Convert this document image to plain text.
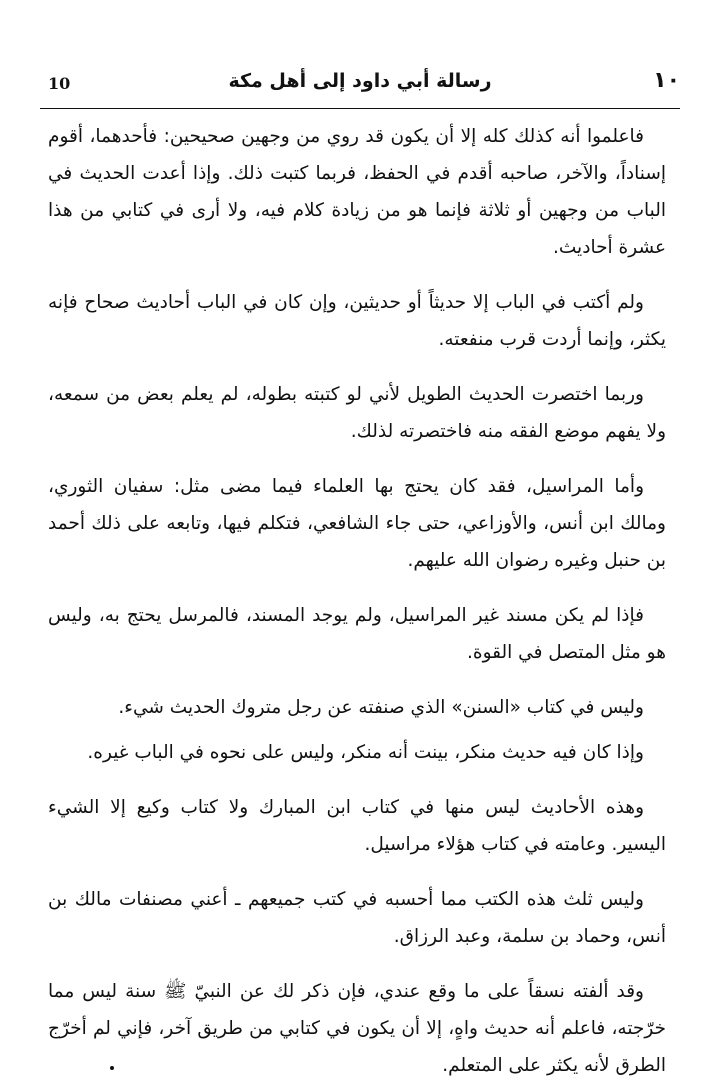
١٠
رسالة أبي داود إلى أهل مكة
10

فاعلموا أنه كذلك كله إلا أن يكون قد روي من وجهين صحيحين: فأحدهما، أقوم إسناداً، والآخر، صاحبه أقدم في الحفظ، فربما كتبت ذلك. وإذا أعدت الحديث في الباب من وجهين أو ثلاثة فإنما هو من زيادة كلام فيه، ولا أرى في كتابي من هذا عشرة أحاديث.

ولم أكتب في الباب إلا حديثاً أو حديثين، وإن كان في الباب أحاديث صحاح فإنه يكثر، وإنما أردت قرب منفعته.

وربما اختصرت الحديث الطويل لأني لو كتبته بطوله، لم يعلم بعض من سمعه، ولا يفهم موضع الفقه منه فاختصرته لذلك.

وأما المراسيل، فقد كان يحتج بها العلماء فيما مضى مثل: سفيان الثوري، ومالك ابن أنس، والأوزاعي، حتى جاء الشافعي، فتكلم فيها، وتابعه على ذلك أحمد بن حنبل وغيره رضوان الله عليهم.

فإذا لم يكن مسند غير المراسيل، ولم يوجد المسند، فالمرسل يحتج به، وليس هو مثل المتصل في القوة.

وليس في كتاب «السنن» الذي صنفته عن رجل متروك الحديث شيء.

وإذا كان فيه حديث منكر، بينت أنه منكر، وليس على نحوه في الباب غيره.

وهذه الأحاديث ليس منها في كتاب ابن المبارك ولا كتاب وكيع إلا الشيء اليسير. وعامته في كتاب هؤلاء مراسيل.

وليس ثلث هذه الكتب مما أحسبه في كتب جميعهم ـ أعني مصنفات مالك بن أنس، وحماد بن سلمة، وعبد الرزاق.

وقد ألفته نسقاً على ما وقع عندي، فإن ذكر لك عن النبيّ ﷺ سنة ليس مما خرّجته، فاعلم أنه حديث واهٍ، إلا أن يكون في كتابي من طريق آخر، فإني لم أخرّج الطرق لأنه يكثر على المتعلم.
